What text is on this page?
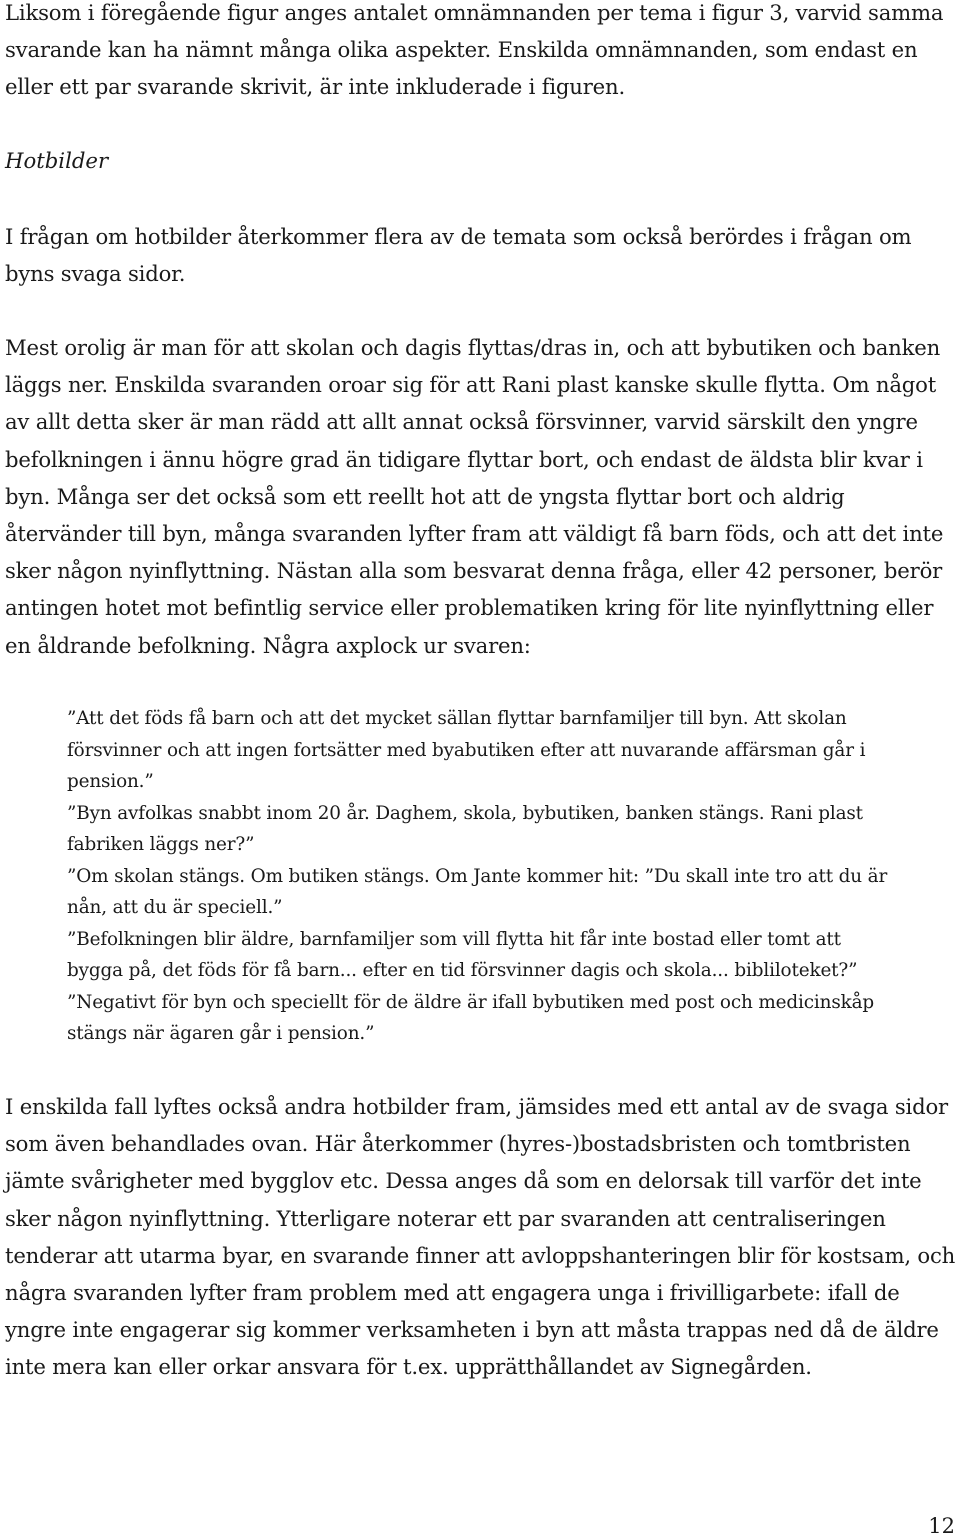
Liksom i föregående figur anges antalet omnämnanden per tema i figur 3, varvid samma svarande kan ha nämnt många olika aspekter. Enskilda omnämnanden, som endast en eller ett par svarande skrivit, är inte inkluderade i figuren.

Hotbilder

I frågan om hotbilder återkommer flera av de temata som också berördes i frågan om byns svaga sidor.

Mest orolig är man för att skolan och dagis flyttas/dras in, och att bybutiken och banken läggs ner. Enskilda svaranden oroar sig för att Rani plast kanske skulle flytta. Om något av allt detta sker är man rädd att allt annat också försvinner, varvid särskilt den yngre befolkningen i ännu högre grad än tidigare flyttar bort, och endast de äldsta blir kvar i byn. Många ser det också som ett reellt hot att de yngsta flyttar bort och aldrig återvänder till byn, många svaranden lyfter fram att väldigt få barn föds, och att det inte sker någon nyinflyttning. Nästan alla som besvarat denna fråga, eller 42 personer, berör antingen hotet mot befintlig service eller problematiken kring för lite nyinflyttning eller en åldrande befolkning. Några axplock ur svaren:

”Att det föds få barn och att det mycket sällan flyttar barnfamiljer till byn. Att skolan försvinner och att ingen fortsätter med byabutiken efter att nuvarande affärsman går i pension.”

”Byn avfolkas snabbt inom 20 år. Daghem, skola, bybutiken, banken stängs. Rani plast fabriken läggs ner?”

”Om skolan stängs. Om butiken stängs. Om Jante kommer hit: ”Du skall inte tro att du är nån, att du är speciell.”

”Befolkningen blir äldre, barnfamiljer som vill flytta hit får inte bostad eller tomt att bygga på, det föds för få barn... efter en tid försvinner dagis och skola... bibliloteket?”

”Negativt för byn och speciellt för de äldre är ifall bybutiken med post och medicinskåp stängs när ägaren går i pension.”

I enskilda fall lyftes också andra hotbilder fram, jämsides med ett antal av de svaga sidor som även behandlades ovan. Här återkommer (hyres-)bostadsbristen och tomtbristen jämte svårigheter med bygglov etc. Dessa anges då som en delorsak till varför det inte sker någon nyinflyttning. Ytterligare noterar ett par svaranden att centraliseringen tenderar att utarma byar, en svarande finner att avloppshanteringen blir för kostsam, och några svaranden lyfter fram problem med att engagera unga i frivilligarbete: ifall de yngre inte engagerar sig kommer verksamheten i byn att måsta trappas ned då de äldre inte mera kan eller orkar ansvara för t.ex. upprätthållandet av Signegården.

12
